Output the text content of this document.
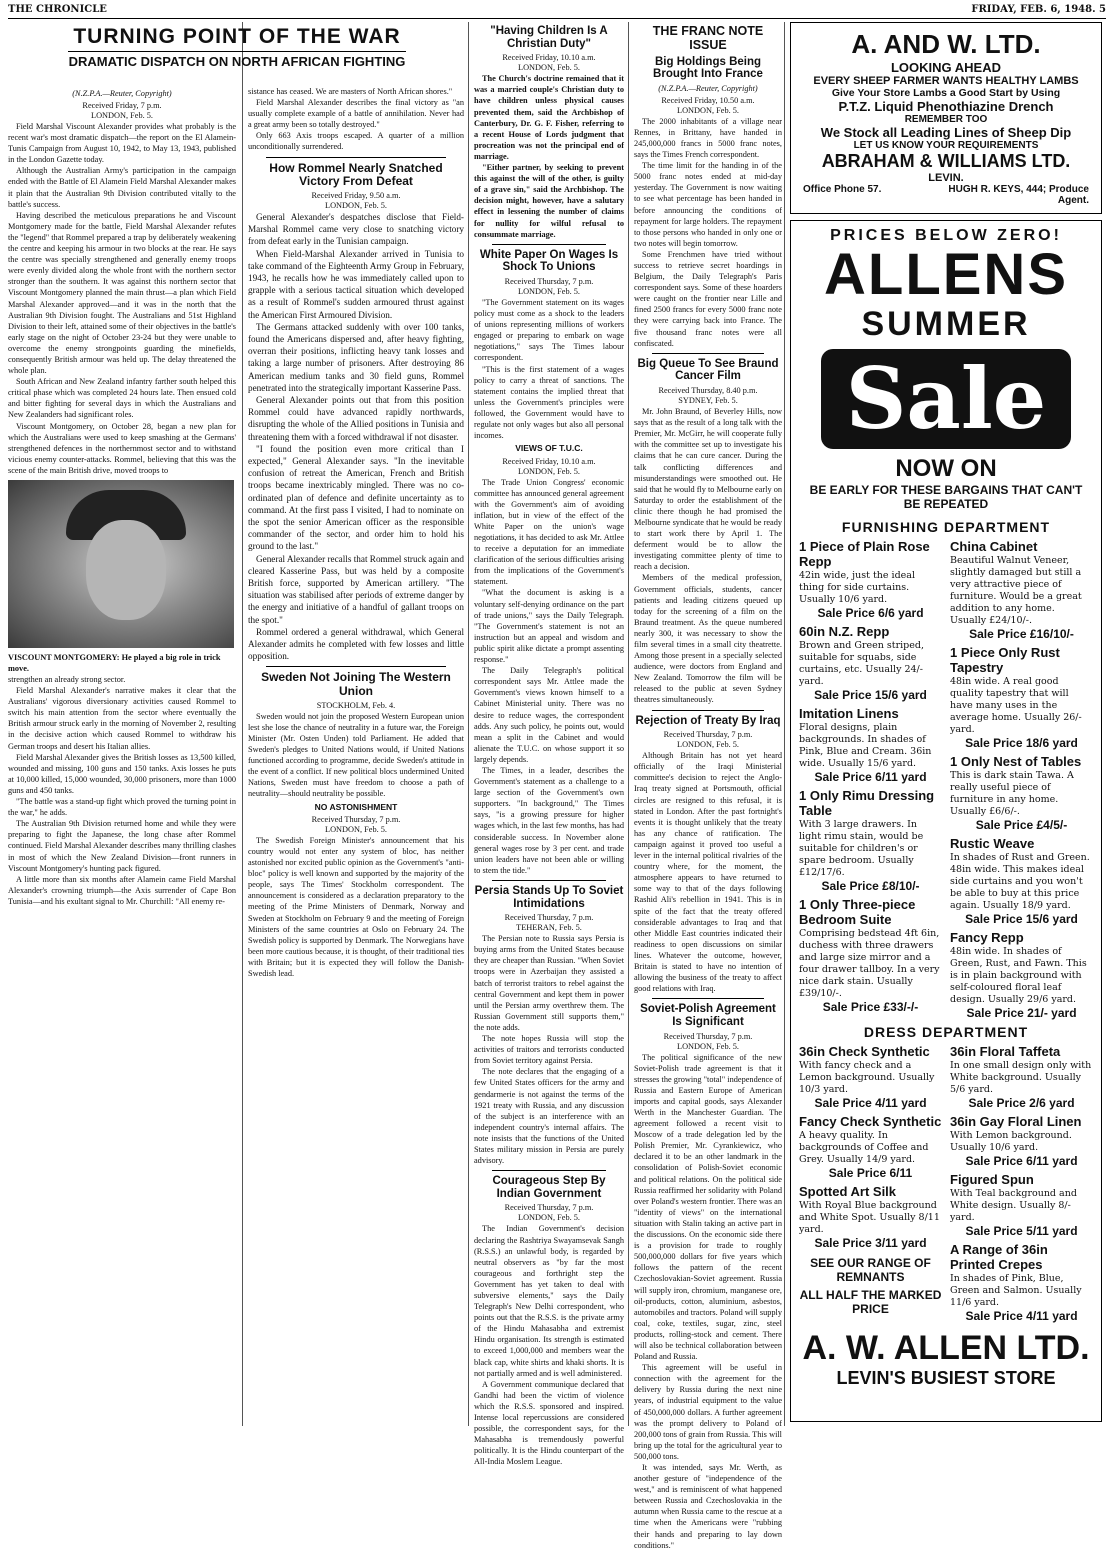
THE CHRONICLE	FRIDAY, FEB. 6, 1948. 5
TURNING POINT OF THE WAR
DRAMATIC DISPATCH ON NORTH AFRICAN FIGHTING
(N.Z.P.A.—Reuter, Copyright)
Received Friday, 7 p.m.
LONDON, Feb. 5.

Field Marshal Viscount Alexander provides what probably is the recent war's most dramatic dispatch—the report on the El Alamein-Tunis Campaign from August 10, 1942, to May 13, 1943, published in the London Gazette today.

Although the Australian Army's participation in the campaign ended with the Battle of El Alamein Field Marshal Alexander makes it plain that the Australian 9th Division contributed vitally to the battle's success.

Having described the meticulous preparations he and Viscount Montgomery made for the battle, Field Marshal Alexander refutes the "legend" that Rommel prepared a trap by deliberately weakening the centre and keeping his armour in two blocks at the rear. He says the centre was specially strengthened and generally enemy troops were evenly divided along the whole front with the northern sector stronger than the southern. It was against this northern sector that Viscount Montgomery planned the main thrust—a plan which Field Marshal Alexander approved—and it was in the north that the Australian 9th Division fought. The Australians and 51st Highland Division to their left, attained some of their objectives in the battle's early stage on the night of October 23-24 but they were unable to overcome the enemy strongpoints guarding the minefields, consequently British armour was held up. The delay threatened the whole plan.

South African and New Zealand infantry farther south helped this critical phase which was completed 24 hours late. Then ensued cold and bitter fighting for several days in which the Australians and New Zealanders had significant roles.

Viscount Montgomery, on October 28, began a new plan for which the Australians were used to keep smashing at the Germans' strengthened defences in the northernmost sector and to withstand vicious enemy counter-attacks. Rommel, believing that this was the scene of the main British drive, moved troops to

VISCOUNT MONTGOMERY: He played a big role in trick move.

strengthen an already strong sector.

Field Marshal Alexander's narrative makes it clear that the Australians' vigorous diversionary activities caused Rommel to switch his main attention from the sector where eventually the British armour struck early in the morning of November 2, resulting in the decisive action which caused Rommel to withdraw his German troops and desert his Italian allies.

Field Marshal Alexander gives the British losses as 13,500 killed, wounded and missing, 100 guns and 150 tanks. Axis losses he puts at 10,000 killed, 15,000 wounded, 30,000 prisoners, more than 1000 guns and 450 tanks.

"The battle was a stand-up fight which proved the turning point in the war," he adds.

The Australian 9th Division returned home and while they were preparing to fight the Japanese, the long chase after Rommel continued. Field Marshal Alexander describes many thrilling clashes in most of which the New Zealand Division—front runners in Viscount Montgomery's hunting pack figured.

A little more than six months after Alamein came Field Marshal Alexander's crowning triumph—the Axis surrender of Cape Bon Tunisia—and his exultant signal to Mr. Churchill: "All enemy re-

sistance has ceased. We are masters of North African shores."

Field Marshal Alexander describes the final victory as "an usually complete example of a battle of annihilation. Never had a great army been so totally destroyed."

Only 663 Axis troops escaped. A quarter of a million unconditionally surrendered.

How Rommel Nearly Snatched Victory From Defeat
Received Friday, 9.50 a.m.
LONDON, Feb. 5.

General Alexander's despatches disclose that Field-Marshal Rommel came very close to snatching victory from defeat early in the Tunisian campaign.

When Field-Marshal Alexander arrived in Tunisia to take command of the Eighteenth Army Group in February, 1943, he recalls how he was immediately called upon to grapple with a serious tactical situation which developed as a result of Rommel's sudden armoured thrust against the American First Armoured Division.

The Germans attacked suddenly with over 100 tanks, found the Americans dispersed and, after heavy fighting, overran their positions, inflicting heavy tank losses and taking a large number of prisoners. After destroying 86 American medium tanks and 30 field guns, Rommel penetrated into the strategically important Kasserine Pass.

General Alexander points out that from this position Rommel could have advanced rapidly northwards, disrupting the whole of the Allied positions in Tunisia and threatening them with a forced withdrawal if not disaster.

"I found the position even more critical than I expected," General Alexander says. "In the inevitable confusion of retreat the American, French and British troops became inextricably mingled. There was no co-ordinated plan of defence and definite uncertainty as to command. At the first pass I visited, I had to nominate on the spot the senior American officer as the responsible commander of the sector, and order him to hold his ground to the last."

General Alexander recalls that Rommel struck again and cleared Kasserine Pass, but was held by a composite British force, supported by American artillery. "The situation was stabilised after periods of extreme danger by the energy and initiative of a handful of gallant troops on the spot."

Rommel ordered a general withdrawal, which General Alexander admits he completed with few losses and little opposition.

Sweden Not Joining The Western Union
STOCKHOLM, Feb. 4.

Sweden would not join the proposed Western European union lest she lose the chance of neutrality in a future war, the Foreign Minister (Mr. Osten Unden) told Parliament. He added that Sweden's pledges to United Nations would, if United Nations functioned according to programme, decide Sweden's attitude in the event of a conflict. If new political blocs undermined United Nations, Sweden must have freedom to choose a path of neutrality—should neutrality be possible.

NO ASTONISHMENT
Received Thursday, 7 p.m.
LONDON, Feb. 5.

The Swedish Foreign Minister's announcement that his country would not enter any system of bloc, has neither astonished nor excited public opinion as the Government's "anti-bloc" policy is well known and supported by the majority of the people, says The Times' Stockholm correspondent. The announcement is considered as a declaration preparatory to the meeting of the Prime Ministers of Denmark, Norway and Sweden at Stockholm on February 9 and the meeting of Foreign Ministers of the same countries at Oslo on February 24. The Swedish policy is supported by Denmark. The Norwegians have been more cautious because, it is thought, of their traditional ties with Britain; but it is expected they will follow the Danish-Swedish lead.

"Having Children Is A Christian Duty"
Received Friday, 10.10 a.m.
LONDON, Feb. 5.

The Church's doctrine remained that it was a married couple's Christian duty to have children unless physical causes prevented them, said the Archbishop of Canterbury, Dr. G. F. Fisher, referring to a recent House of Lords judgment that procreation was not the principal end of marriage.

"Either partner, by seeking to prevent this against the will of the other, is guilty of a grave sin," said the Archbishop. The decision might, however, have a salutary effect in lessening the number of claims for nullity for wilful refusal to consummate marriage.

White Paper On Wages Is Shock To Unions
Received Thursday, 7 p.m.
LONDON, Feb. 5.

"The Government statement on its wages policy must come as a shock to the leaders of unions representing millions of workers engaged or preparing to embark on wage negotiations," says The Times labour correspondent.

"This is the first statement of a wages policy to carry a threat of sanctions. The statement contains the implied threat that unless the Government's principles were followed, the Government would have to regulate not only wages but also all personal incomes.

VIEWS OF T.U.C.
Received Friday, 10.10 a.m.
LONDON, Feb. 5.

The Trade Union Congress' economic committee has announced general agreement with the Government's aim of avoiding inflation, but in view of the effect of the White Paper on the union's wage negotiations, it has decided to ask Mr. Attlee to receive a deputation for an immediate clarification of the serious difficulties arising from the implications of the Government's statement.

"What the document is asking is a voluntary self-denying ordinance on the part of trade unions," says the Daily Telegraph. "The Government's statement is not an instruction but an appeal and wisdom and public spirit alike dictate a prompt assenting response."

The Daily Telegraph's political correspondent says Mr. Attlee made the Government's views known himself to a Cabinet Ministerial unity. There was no desire to reduce wages, the correspondent adds. Any such policy, he points out, would mean a split in the Cabinet and would alienate the T.U.C. on whose support it so largely depends.

The Times, in a leader, describes the Government's statement as a challenge to a large section of the Government's own supporters. "In background," The Times says, "is a growing pressure for higher wages which, in the last few months, has had considerable success. In November alone general wages rose by 3 per cent. and trade union leaders have not been able or willing to stem the tide."

Persia Stands Up To Soviet Intimidations
Received Thursday, 7 p.m.
TEHERAN, Feb. 5.

The Persian note to Russia says Persia is buying arms from the United States because they are cheaper than Russian. "When Soviet troops were in Azerbaijan they assisted a batch of terrorist traitors to rebel against the central Government and kept them in power until the Persian army overthrew them. The Russian Government still supports them," the note adds.

The note hopes Russia will stop the activities of traitors and terrorists conducted from Soviet territory against Persia.

The note declares that the engaging of a few United States officers for the army and gendarmerie is not against the terms of the 1921 treaty with Russia, and any discussion of the subject is an interference with an independent country's internal affairs. The note insists that the functions of the United States military mission in Persia are purely advisory.

Courageous Step By Indian Government
Received Thursday, 7 p.m.
LONDON, Feb. 5.

The Indian Government's decision declaring the Rashtriya Swayamsevak Sangh (R.S.S.) an unlawful body, is regarded by neutral observers as "by far the most courageous and forthright step the Government has yet taken to deal with subversive elements," says the Daily Telegraph's New Delhi correspondent, who points out that the R.S.S. is the private army of the Hindu Mahasabha and extremist Hindu organisation. Its strength is estimated to exceed 1,000,000 and members wear the black cap, white shirts and khaki shorts. It is not partially armed and is well administered.

A Government communique declared that Gandhi had been the victim of violence which the R.S.S. sponsored and inspired. Intense local repercussions are considered possible, the correspondent says, for the Mahasabha is tremendously powerful politically. It is the Hindu counterpart of the All-India Moslem League.

THE FRANC NOTE ISSUE
Big Holdings Being Brought Into France
(N.Z.P.A.—Reuter, Copyright)
Received Friday, 10.50 a.m.
LONDON, Feb. 5.

The 2000 inhabitants of a village near Rennes, in Brittany, have handed in 245,000,000 francs in 5000 franc notes, says the Times French correspondent.

The time limit for the handing in of the 5000 franc notes ended at mid-day yesterday. The Government is now waiting to see what percentage has been handed in before announcing the conditions of repayment for large holders. The repayment to those persons who handed in only one or two notes will begin tomorrow.

Some Frenchmen have tried without success to retrieve secret hoardings in Belgium, the Daily Telegraph's Paris correspondent says. Some of these hoarders were caught on the frontier near Lille and fined 2500 francs for every 5000 franc note they were carrying back into France. The five thousand franc notes were all confiscated.

Big Queue To See Braund Cancer Film
Received Thursday, 8.40 p.m.
SYDNEY, Feb. 5.

Mr. John Braund, of Beverley Hills, now says that as the result of a long talk with the Premier, Mr. McGirr, he will cooperate fully with the committee set up to investigate his claims that he can cure cancer. During the talk conflicting differences and misunderstandings were smoothed out. He said that he would fly to Melbourne early on Saturday to order the establishment of the clinic there though he had promised the Melbourne syndicate that he would be ready to start work there by April 1. The deferment would be to allow the investigating committee plenty of time to reach a decision.

Members of the medical profession, Government officials, students, cancer patients and leading citizens queued up today for the screening of a film on the Braund treatment. As the queue numbered nearly 300, it was necessary to show the film several times in a small city theatrette. Among those present in a specially selected audience, were doctors from England and New Zealand. Tomorrow the film will be released to the public at seven Sydney theatres simultaneously.

Rejection of Treaty By Iraq
Received Thursday, 7 p.m.
LONDON, Feb. 5.

Although Britain has not yet heard officially of the Iraqi Ministerial committee's decision to reject the Anglo-Iraq treaty signed at Portsmouth, official circles are resigned to this refusal, it is stated in London. After the past fortnight's events it is thought unlikely that the treaty has any chance of ratification. The campaign against it proved too useful a lever in the internal political rivalries of the country where, for the moment, the atmosphere appears to have returned to some way to that of the days following Rashid Ali's rebellion in 1941. This is in spite of the fact that the treaty offered considerable advantages to Iraq and that other Middle East countries indicated their readiness to open discussions on similar lines. Whatever the outcome, however, Britain is stated to have no intention of allowing the business of the treaty to affect good relations with Iraq.

Soviet-Polish Agreement Is Significant
Received Thursday, 7 p.m.
LONDON, Feb. 5.

The political significance of the new Soviet-Polish trade agreement is that it stresses the growing "total" independence of Russia and Eastern Europe of American imports and capital goods, says Alexander Werth in the Manchester Guardian. The agreement followed a recent visit to Moscow of a trade delegation led by the Polish Premier, Mr. Cyrankiewicz, who declared it to be an other landmark in the consolidation of Polish-Soviet economic and political relations. On the political side Russia reaffirmed her solidarity with Poland over Poland's western frontier. There was an "identity of views" on the international situation with Stalin taking an active part in the discussions. On the economic side there is a provision for trade to roughly 500,000,000 dollars for five years which follows the pattern of the recent Czechoslovakian-Soviet agreement. Russia will supply iron, chromium, manganese ore, oil-products, cotton, aluminium, asbestos, automobiles and tractors. Poland will supply coal, coke, textiles, sugar, zinc, steel products, rolling-stock and cement. There will also be technical collaboration between Poland and Russia.

This agreement will be useful in connection with the agreement for the delivery by Russia during the next nine years, of industrial equipment to the value of 450,000,000 dollars. A further agreement was the prompt delivery to Poland of 200,000 tons of grain from Russia. This will bring up the total for the agricultural year to 500,000 tons.

It was intended, says Mr. Werth, as another gesture of "independence of the west," and is reminiscent of what happened between Russia and Czechoslovakia in the autumn when Russia came to the rescue at a time when the Americans were "rubbing their hands and preparing to lay down conditions."

A. AND W. LTD.
LOOKING AHEAD
EVERY SHEEP FARMER WANTS HEALTHY LAMBS
Give Your Store Lambs a Good Start by Using
P.T.Z. Liquid Phenothiazine Drench
REMEMBER TOO
We Stock all Leading Lines of Sheep Dip
LET US KNOW YOUR REQUIREMENTS
ABRAHAM & WILLIAMS LTD.
LEVIN.
Office Phone 57.	HUGH R. KEYS, 444; Produce Agent.
PRICES BELOW ZERO!
ALLENS
SUMMER
Sale
NOW ON
BE EARLY FOR THESE BARGAINS THAT CAN'T BE REPEATED
FURNISHING DEPARTMENT
1 Piece of Plain Rose Repp
42in wide, just the ideal thing for side curtains. Usually 10/6 yard.
Sale Price 6/6 yard
60in N.Z. Repp
Brown and Green striped, suitable for squabs, side curtains, etc. Usually 24/- yard.
Sale Price 15/6 yard
Imitation Linens
Floral designs, plain backgrounds. In shades of Pink, Blue and Cream. 36in wide. Usually 15/6 yard.
Sale Price 6/11 yard
1 Only Rimu Dressing Table
With 3 large drawers. In light rimu stain, would be suitable for children's or spare bedroom. Usually £12/17/6.
Sale Price £8/10/-
1 Only Three-piece Bedroom Suite
Comprising bedstead 4ft 6in, duchess with three drawers and large size mirror and a four drawer tallboy. In a very nice dark stain. Usually £39/10/-.
Sale Price £33/-/-
China Cabinet
Beautiful Walnut Veneer, slightly damaged but still a very attractive piece of furniture. Would be a great addition to any home. Usually £24/10/-.
Sale Price £16/10/-
1 Piece Only Rust Tapestry
48in wide. A real good quality tapestry that will have many uses in the average home. Usually 26/- yard.
Sale Price 18/6 yard
1 Only Nest of Tables
This is dark stain Tawa. A really useful piece of furniture in any home. Usually £6/6/-.
Sale Price £4/5/-
Rustic Weave
In shades of Rust and Green. 48in wide. This makes ideal side curtains and you won't be able to buy at this price again. Usually 18/9 yard.
Sale Price 15/6 yard
Fancy Repp
48in wide. In shades of Green, Rust, and Fawn. This is in plain background with self-coloured floral leaf design. Usually 29/6 yard.
Sale Price 21/- yard
DRESS DEPARTMENT
36in Check Synthetic
With fancy check and a Lemon background. Usually 10/3 yard.
Sale Price 4/11 yard
Fancy Check Synthetic
A heavy quality. In backgrounds of Coffee and Grey. Usually 14/9 yard.
Sale Price 6/11
Spotted Art Silk
With Royal Blue background and White Spot. Usually 8/11 yard.
Sale Price 3/11 yard
SEE OUR RANGE OF REMNANTS
ALL HALF THE MARKED PRICE
36in Floral Taffeta
In one small design only with White background. Usually 5/6 yard.
Sale Price 2/6 yard
36in Gay Floral Linen
With Lemon background. Usually 10/6 yard.
Sale Price 6/11 yard
Figured Spun
With Teal background and White design. Usually 8/- yard.
Sale Price 5/11 yard
A Range of 36in Printed Crepes
In shades of Pink, Blue, Green and Salmon. Usually 11/6 yard.
Sale Price 4/11 yard
A. W. ALLEN LTD.
LEVIN'S BUSIEST STORE
